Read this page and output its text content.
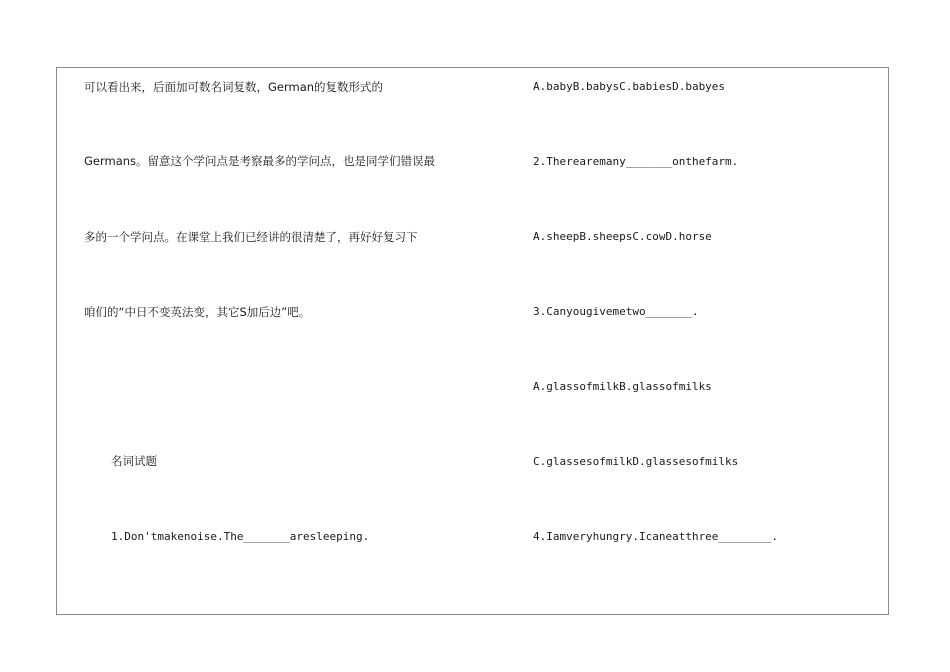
可以看出来，后面加可数名词复数，German的复数形式的
Germans。留意这个学问点是考察最多的学问点，也是同学们错误最
多的一个学问点。在课堂上我们已经讲的很清楚了，再好好复习下
咱们的“中日不变英法变，其它S加后边”吧。
名词试题
1.Don'tmakenoise.The_______aresleeping.
A.babyB.babysC.babiesD.babyes
2.Therearemany_______onthefarm.
A.sheepB.sheepsC.cowD.horse
3.Canyougivemetwo_______.
A.glassofmilkB.glassofmilks
C.glassesofmilkD.glassesofmilks
4.Iamveryhungry.Icaneatthree________.
